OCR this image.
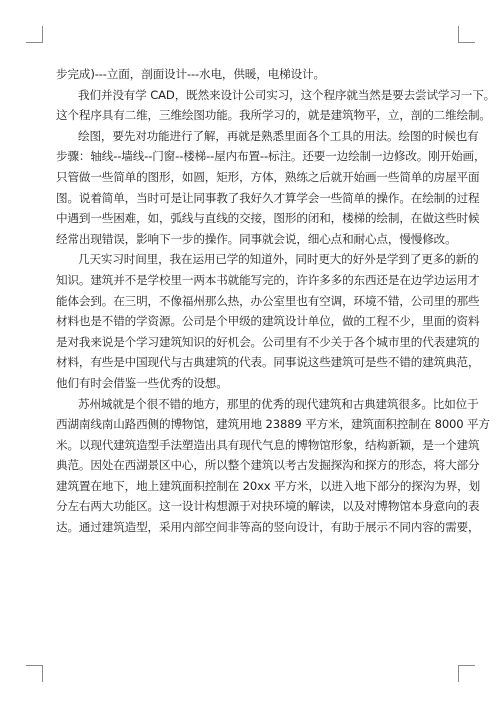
步完成)---立面，剖面设计---水电，供暖，电梯设计。

我们并没有学 CAD，既然来设计公司实习，这个程序就当然是要去尝试学习一下。
这个程序具有二维，三维绘图功能。我所学习的，就是建筑物平，立，剖的二维绘制。

绘图，要先对功能进行了解，再就是熟悉里面各个工具的用法。绘图的时候也有
步骤：轴线--墙线--门窗--楼梯--屋内布置--标注。还要一边绘制一边修改。刚开始画，
只管做一些简单的图形，如圆，矩形，方体，熟练之后就开始画一些简单的房屋平面
图。说着简单，当时可是让同事教了我好久才算学会一些简单的操作。在绘制的过程
中遇到一些困难，如，弧线与直线的交接，图形的闭和，楼梯的绘制，在做这些时候
经常出现错误，影响下一步的操作。同事就会说，细心点和耐心点，慢慢修改。

几天实习时间里，我在运用已学的知道外，同时更大的好外是学到了更多的新的
知识。建筑并不是学校里一两本书就能写完的，许许多多的东西还是在边学边运用才
能体会到。在三明，不像福州那么热，办公室里也有空调，环境不错，公司里的那些
材料也是不错的学资源。公司是个甲级的建筑设计单位，做的工程不少，里面的资料
是对我来说是个学习建筑知识的好机会。公司里有不少关于各个城市里的代表建筑的
材料，有些是中国现代与古典建筑的代表。同事说这些建筑可是些不错的建筑典范，
他们有时会借鉴一些优秀的设想。

苏州城就是个很不错的地方，那里的优秀的现代建筑和古典建筑很多。比如位于
西湖南线南山路西侧的博物馆，建筑用地 23889 平方米，建筑面积控制在 8000 平方
米。以现代建筑造型手法塑造出具有现代气息的博物馆形象，结构新颖，是一个建筑
典范。因处在西湖景区中心，所以整个建筑以考古发掘探沟和探方的形态，将大部分
建筑置在地下，地上建筑面积控制在 20xx 平方米，以进入地下部分的探沟为界，划
分左右两大功能区。这一设计构想源于对抉环境的解读，以及对博物馆本身意向的表
达。通过建筑造型，采用内部空间非等高的竖向设计，有助于展示不同内容的需要，
